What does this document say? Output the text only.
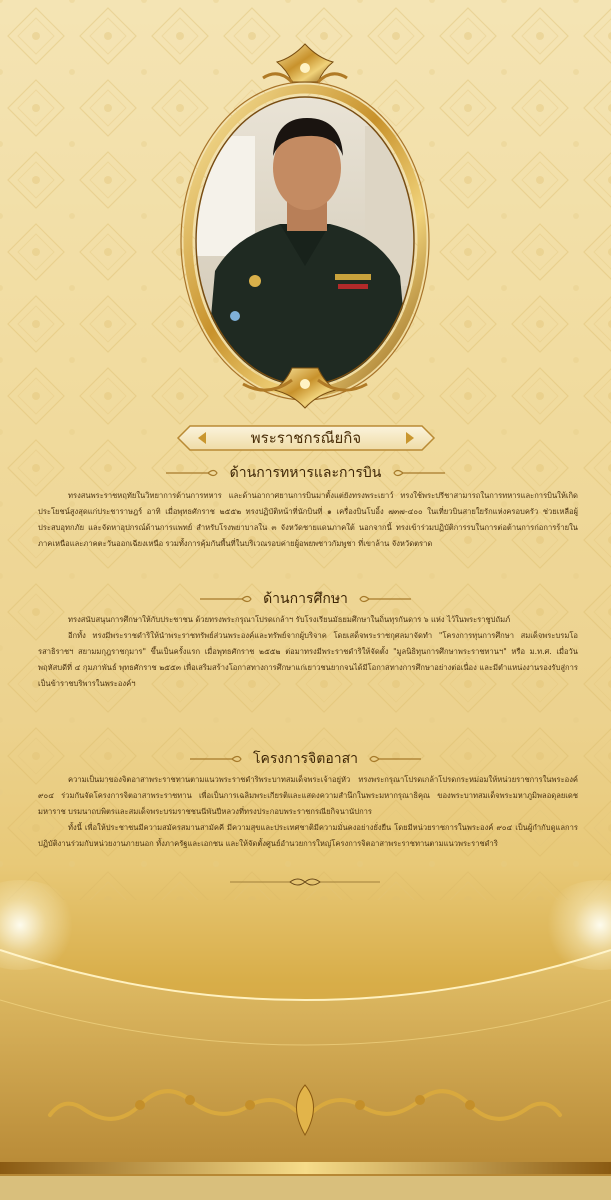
พระราชกรณียกิจ
ด้านการทหารและการบิน

ทรงสนพระราชหฤทัยในวิทยาการด้านการทหาร และด้านอากาศยานการบินมาตั้งแต่ยังทรงพระเยาว์ ทรงใช้พระปรีชาสามารถในการทหารและการบินให้เกิดประโยชน์สูงสุดแก่ประชาราษฎร์ อาทิ เมื่อพุทธศักราช ๒๕๕๒ ทรงปฏิบัติหน้าที่นักบินที่ ๑ เครื่องบินโบอิ้ง ๗๓๗-๔๐๐ ในเที่ยวบินสายใยรักแห่งครอบครัว ช่วยเหลือผู้ประสบอุทกภัย และจัดหาอุปกรณ์ด้านการแพทย์ สำหรับโรงพยาบาลใน ๓ จังหวัดชายแดนภาคใต้ นอกจากนี้ ทรงเข้าร่วมปฏิบัติการรบในการต่อต้านการก่อการร้ายในภาคเหนือและภาคตะวันออกเฉียงเหนือ รวมทั้งการคุ้มกันพื้นที่ในบริเวณรอบค่ายผู้อพยพชาวกัมพูชา ที่เขาล้าน จังหวัดตราด

ด้านการศึกษา

ทรงสนับสนุนการศึกษาให้กับประชาชน ด้วยทรงพระกรุณาโปรดเกล้าฯ รับโรงเรียนมัธยมศึกษาในถิ่นทุรกันดาร ๖ แห่ง ไว้ในพระราชูปถัมภ์

อีกทั้ง ทรงมีพระราชดำริให้นำพระราชทรัพย์ส่วนพระองค์และทรัพย์จากผู้บริจาค โดยเสด็จพระราชกุศลมาจัดทำ "โครงการทุนการศึกษา สมเด็จพระบรมโอรสาธิราชฯ สยามมกุฎราชกุมาร" ขึ้นเป็นครั้งแรก เมื่อพุทธศักราช ๒๕๕๒ ต่อมาทรงมีพระราชดำริให้จัดตั้ง "มูลนิธิทุนการศึกษาพระราชทานฯ" หรือ ม.ท.ศ. เมื่อวันพฤหัสบดีที่ ๔ กุมภาพันธ์ พุทธศักราช ๒๕๕๓ เพื่อเสริมสร้างโอกาสทางการศึกษาแก่เยาวชนยากจนได้มีโอกาสทางการศึกษาอย่างต่อเนื่อง และมีตำแหน่งงานรองรับสู่การเป็นข้าราชบริพารในพระองค์ฯ

โครงการจิตอาสา

ความเป็นมาของจิตอาสาพระราชทานตามแนวพระราชดำริพระบาทสมเด็จพระเจ้าอยู่หัว ทรงพระกรุณาโปรดเกล้าโปรดกระหม่อมให้หน่วยราชการในพระองค์ ๙๐๔ ร่วมกันจัดโครงการจิตอาสาพระราชทาน เพื่อเป็นการเฉลิมพระเกียรติและแสดงความสำนึกในพระมหากรุณาธิคุณ ของพระบาทสมเด็จพระมหาภูมิพลอดุลยเดชมหาราช บรมนาถบพิตรและสมเด็จพระบรมราชชนนีพันปีหลวงที่ทรงประกอบพระราชกรณียกิจนานัปการ

ทั้งนี้ เพื่อให้ประชาชนมีความสมัครสมานสามัคคี มีความสุขและประเทศชาติมีความมั่นคงอย่างยั่งยืน โดยมีหน่วยราชการในพระองค์ ๙๐๔ เป็นผู้กำกับดูแลการปฏิบัติงานร่วมกับหน่วยงานภายนอก ทั้งภาครัฐและเอกชน และให้จัดตั้งศูนย์อำนวยการใหญ่โครงการจิตอาสาพระราชทานตามแนวพระราชดำริ
